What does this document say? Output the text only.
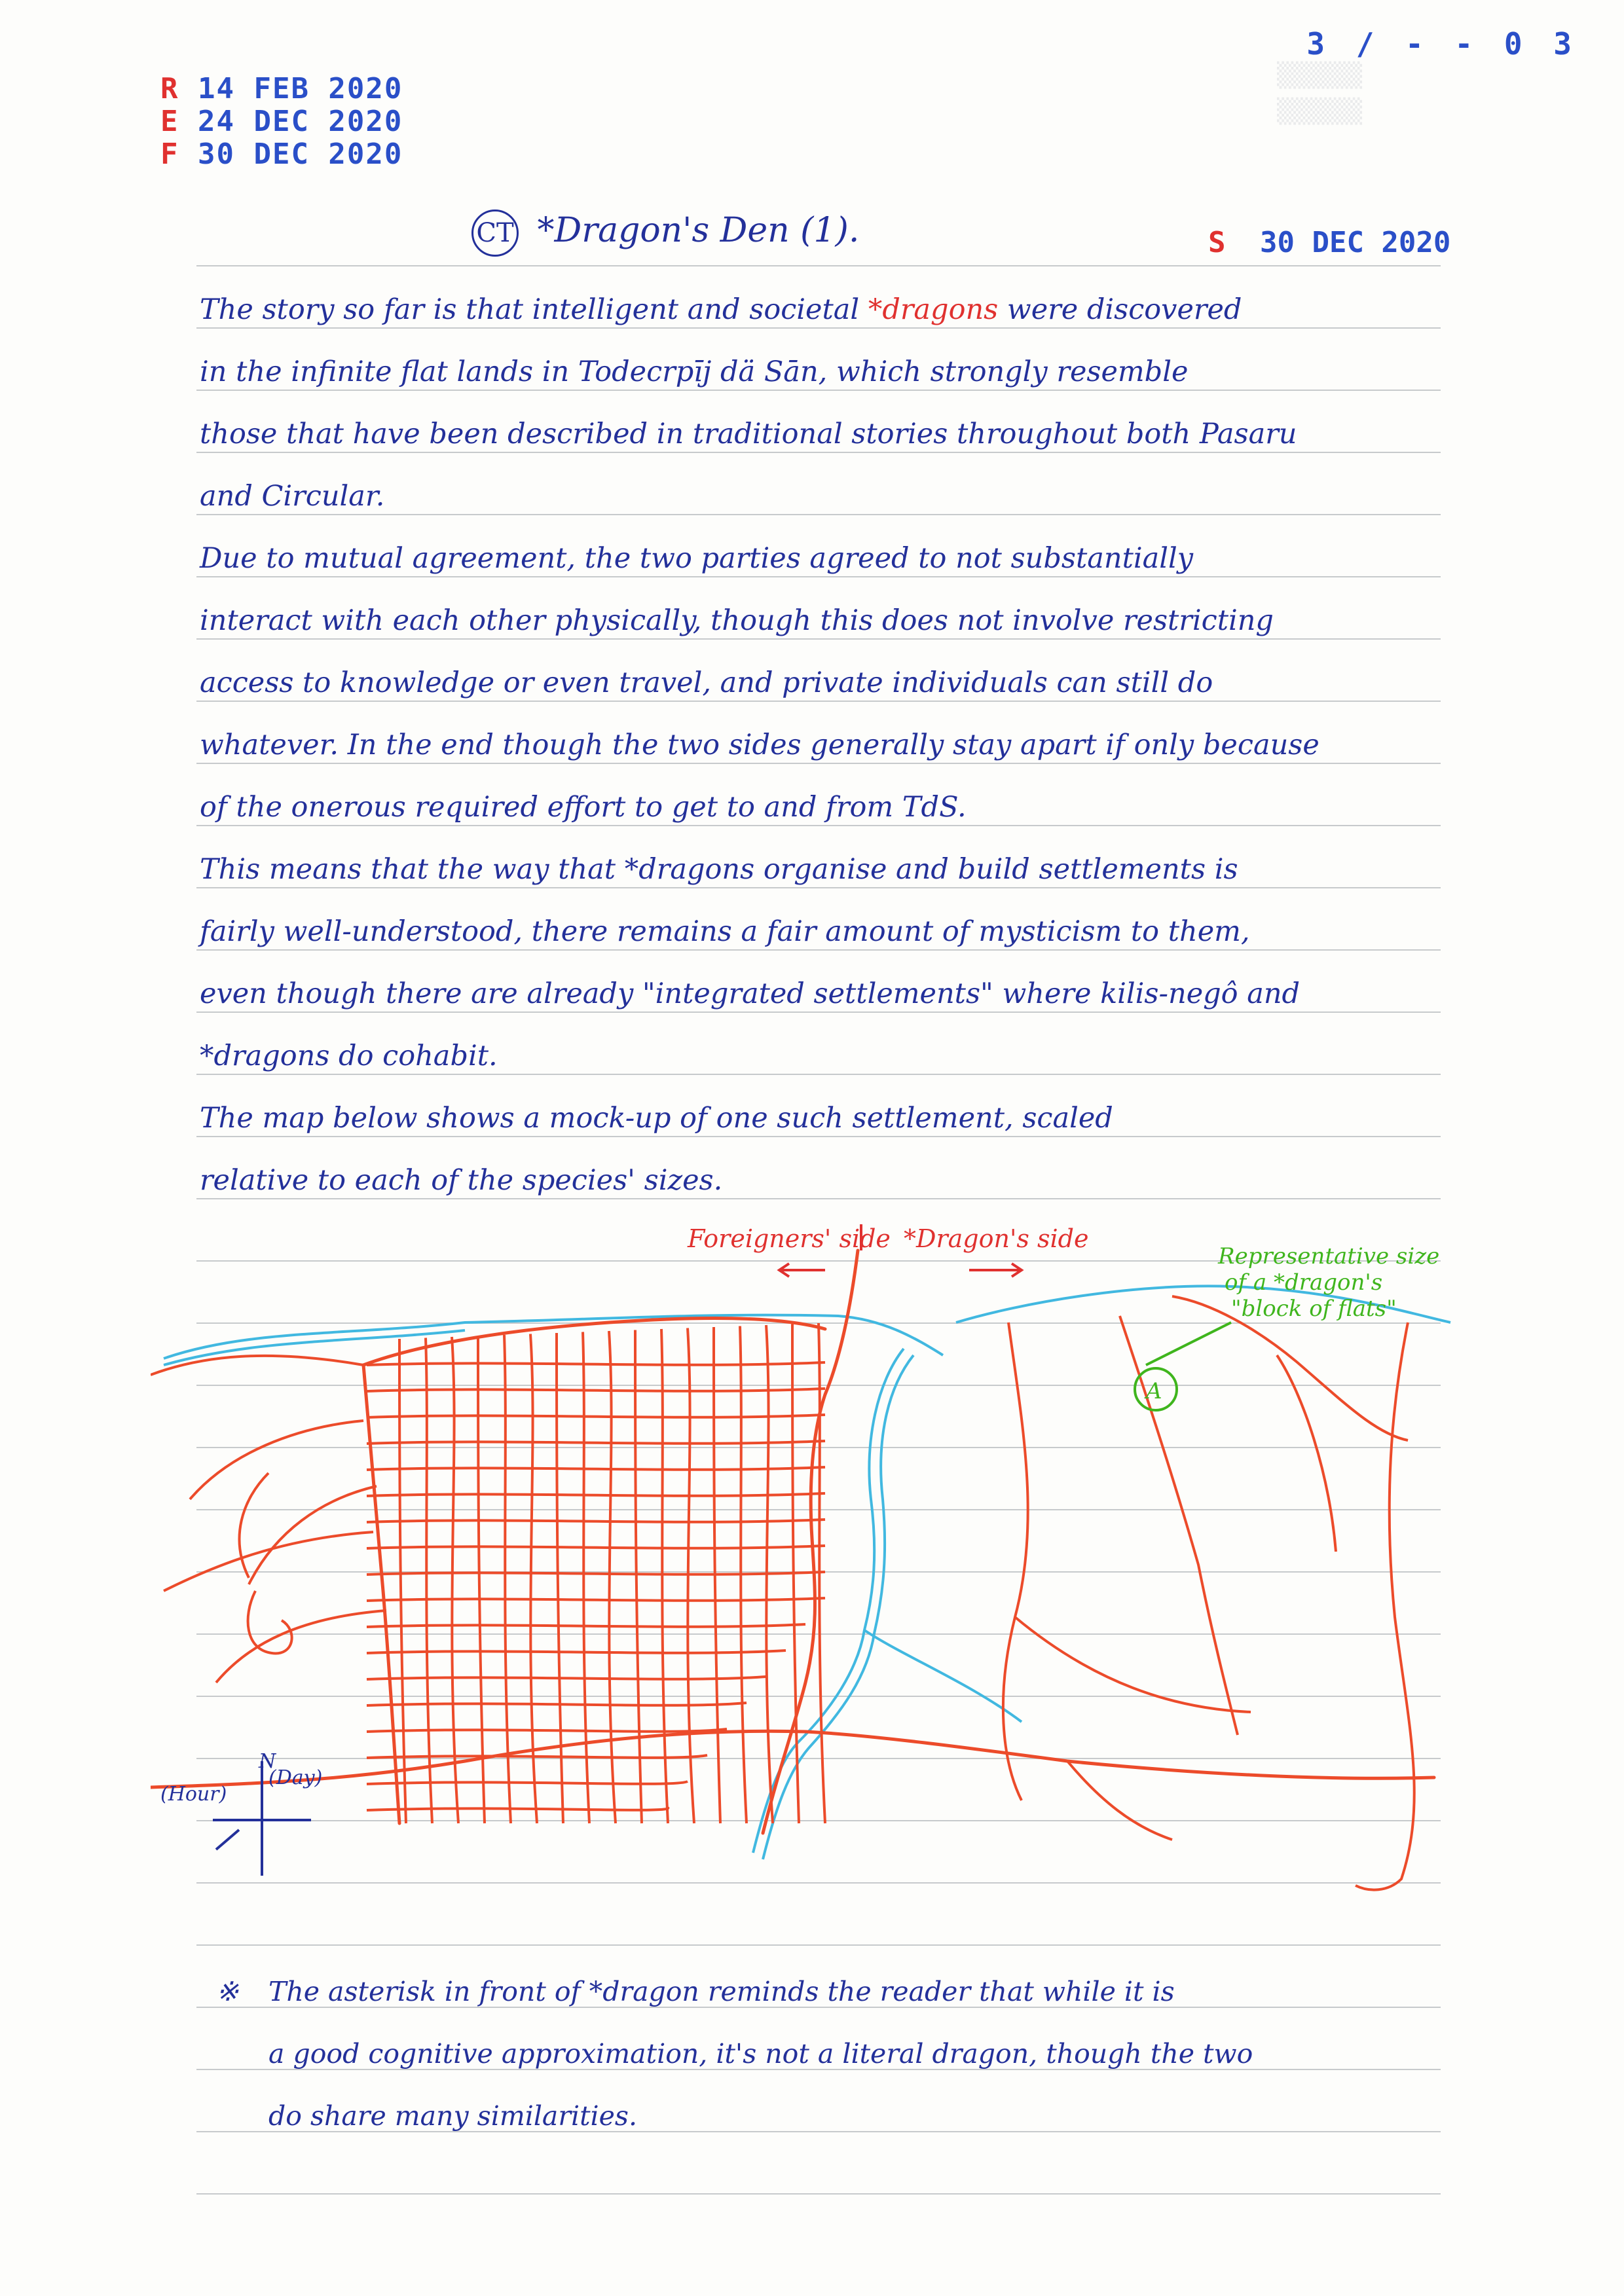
▒▒▒▒▒▒
▒▒▒▒▒▒
3 / - - 0 3
R 14 FEB 2020
E 24 DEC 2020
F 30 DEC 2020
CT *Dragon's Den (1).	S 30 DEC 2020
The story so far is that intelligent and societal *dragons were discovered
in the infinite flat lands in Todecrpīj dä Sān, which strongly resemble
those that have been described in traditional stories throughout both Pasaru
and Circular.
Due to mutual agreement, the two parties agreed to not substantially
interact with each other physically, though this does not involve restricting
access to knowledge or even travel, and private individuals can still do
whatever. In the end though the two sides generally stay apart if only because
of the onerous required effort to get to and from TdS.
This means that the way that *dragons organise and build settlements is
fairly well-understood, there remains a fair amount of mysticism to them,
even though there are already "integrated settlements" where kilis-negô and
*dragons do cohabit.
The map below shows a mock-up of one such settlement, scaled
relative to each of the species' sizes.
A
Representative size
of a *dragon's
"block of flats"
Foreigners' side *Dragon's side
N
(Day)
(Hour)
※ The asterisk in front of *dragon reminds the reader that while it is
a good cognitive approximation, it's not a literal dragon, though the two
do share many similarities.
